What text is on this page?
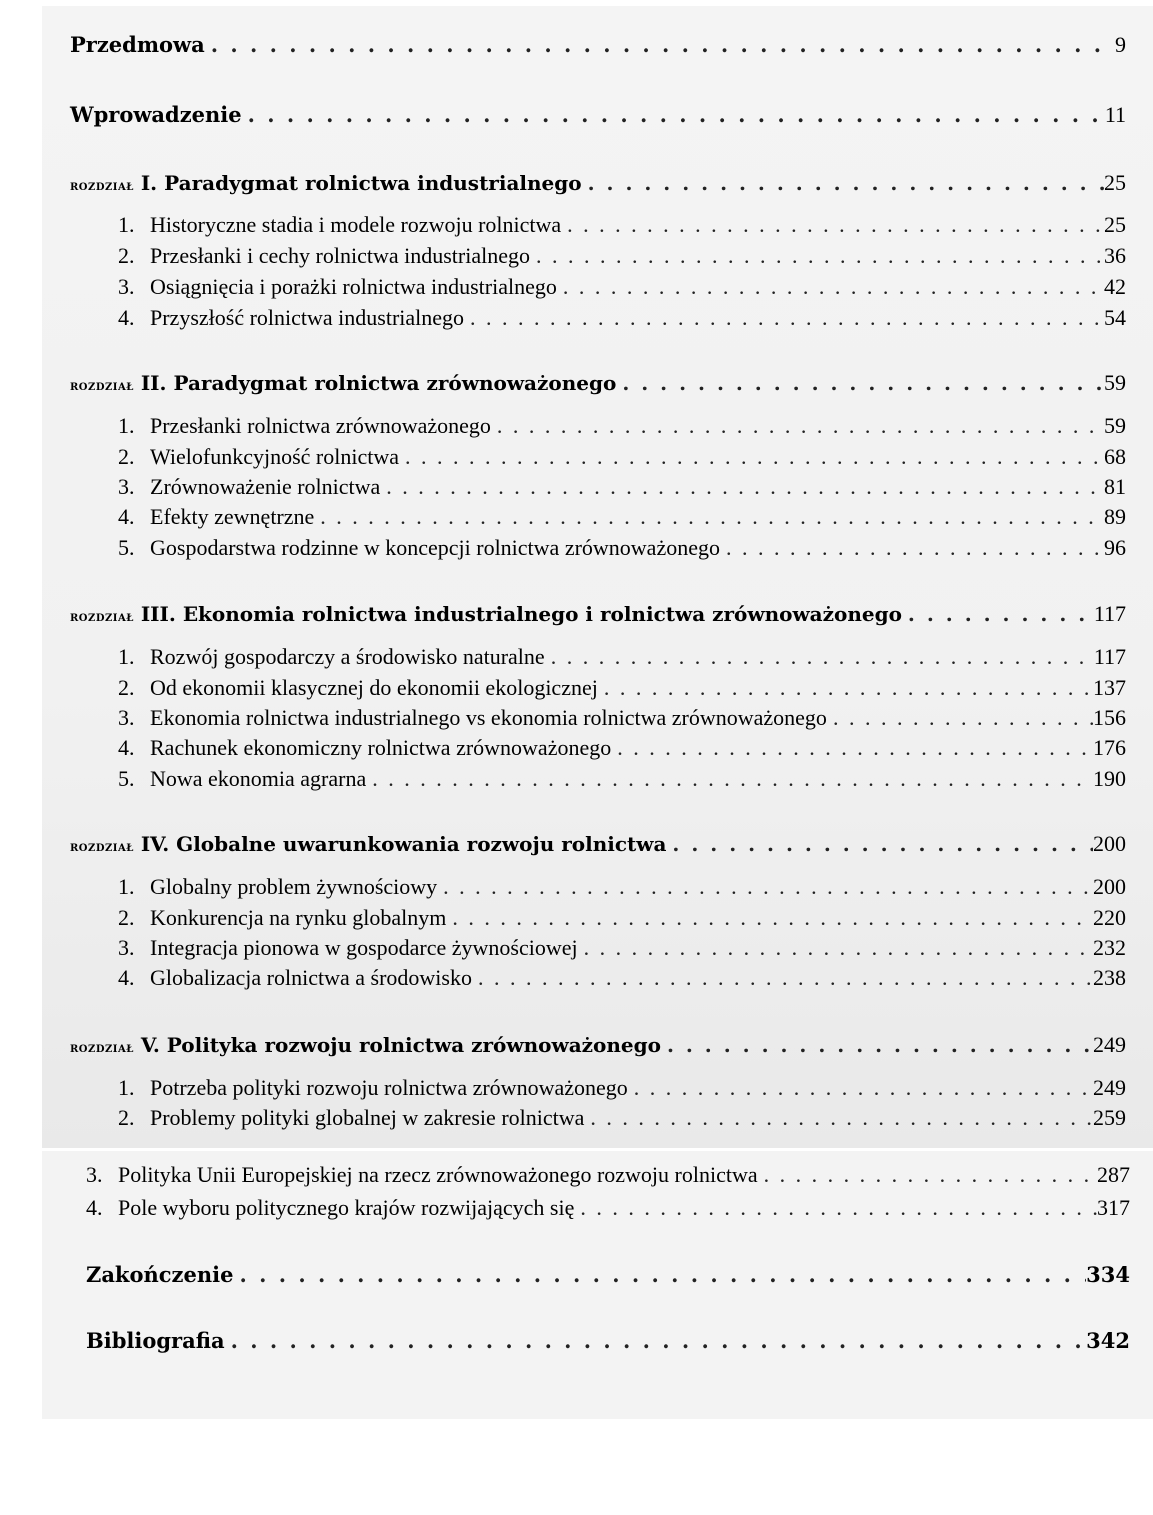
Przedmowa . . .	9
Wprowadzenie . . .	11
rozdział I. Paradygmat rolnictwa industrialnego . . .	25
1. Historyczne stadia i modele rozwoju rolnictwa . . .	25
2. Przesłanki i cechy rolnictwa industrialnego . . .	36
3. Osiągnięcia i porażki rolnictwa industrialnego . . .	42
4. Przyszłość rolnictwa industrialnego . . .	54
rozdział II. Paradygmat rolnictwa zrównoważonego . . .	59
1. Przesłanki rolnictwa zrównoważonego . . .	59
2. Wielofunkcyjność rolnictwa . . .	68
3. Zrównoważenie rolnictwa . . .	81
4. Efekty zewnętrzne . . .	89
5. Gospodarstwa rodzinne w koncepcji rolnictwa zrównoważonego . . .	96
rozdział III. Ekonomia rolnictwa industrialnego i rolnictwa zrównoważonego . . .	117
1. Rozwój gospodarczy a środowisko naturalne . . .	117
2. Od ekonomii klasycznej do ekonomii ekologicznej . . .	137
3. Ekonomia rolnictwa industrialnego vs ekonomia rolnictwa zrównoważonego . . .	156
4. Rachunek ekonomiczny rolnictwa zrównoważonego . . .	176
5. Nowa ekonomia agrarna . . .	190
rozdział IV. Globalne uwarunkowania rozwoju rolnictwa . . .	200
1. Globalny problem żywnościowy . . .	200
2. Konkurencja na rynku globalnym . . .	220
3. Integracja pionowa w gospodarce żywnościowej . . .	232
4. Globalizacja rolnictwa a środowisko . . .	238
rozdział V. Polityka rozwoju rolnictwa zrównoważonego . . .	249
1. Potrzeba polityki rozwoju rolnictwa zrównoważonego . . .	249
2. Problemy polityki globalnej w zakresie rolnictwa . . .	259
3. Polityka Unii Europejskiej na rzecz zrównoważonego rozwoju rolnictwa . . .	287
4. Pole wyboru politycznego krajów rozwijających się . . .	317
Zakończenie . . .	334
Bibliografia . . .	342
